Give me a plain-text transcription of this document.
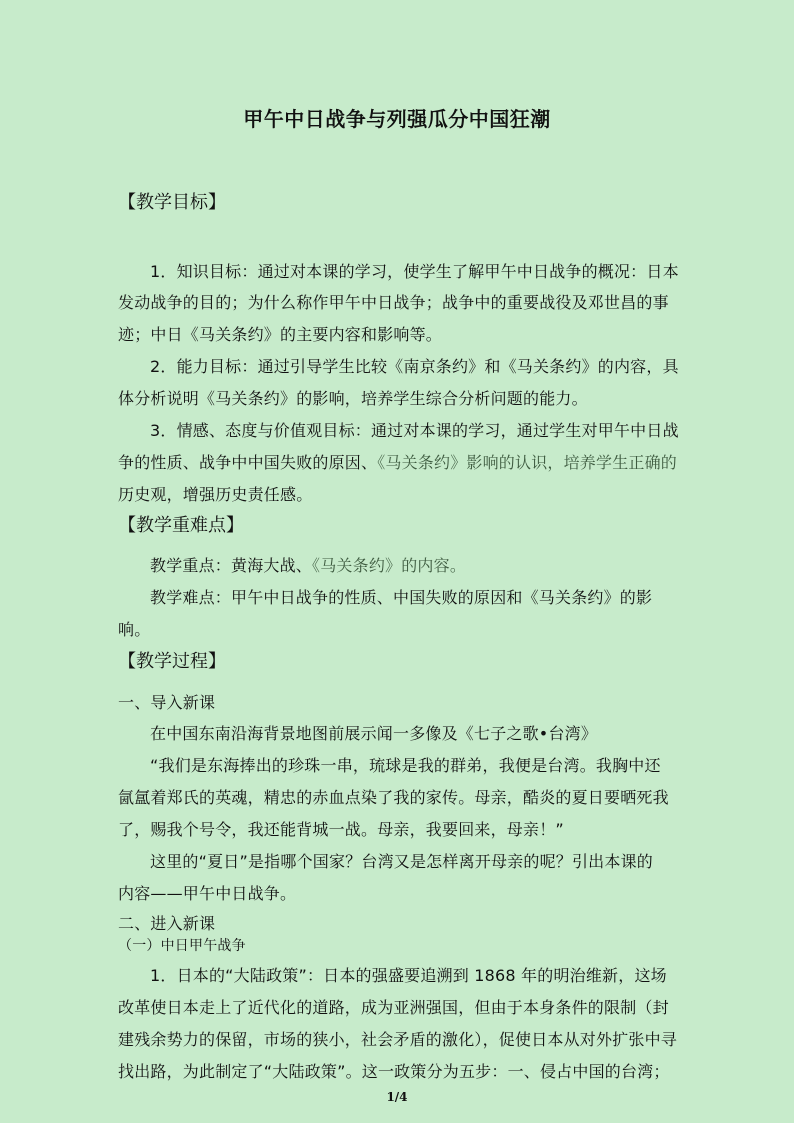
甲午中日战争与列强瓜分中国狂潮
【教学目标】
1．知识目标：通过对本课的学习，使学生了解甲午中日战争的概况：日本
发动战争的目的；为什么称作甲午中日战争；战争中的重要战役及邓世昌的事
迹；中日《马关条约》的主要内容和影响等。
2．能力目标：通过引导学生比较《南京条约》和《马关条约》的内容，具
体分析说明《马关条约》的影响，培养学生综合分析问题的能力。
3．情感、态度与价值观目标：通过对本课的学习，通过学生对甲午中日战
争的性质、战争中中国失败的原因、《马关条约》影响的认识，培养学生正确的
历史观，增强历史责任感。
【教学重难点】
教学重点：黄海大战、《马关条约》的内容。
教学难点：甲午中日战争的性质、中国失败的原因和《马关条约》的影
响。
【教学过程】
一、导入新课
在中国东南沿海背景地图前展示闻一多像及《七子之歌•台湾》
“我们是东海捧出的珍珠一串，琉球是我的群弟，我便是台湾。我胸中还
氤氲着郑氏的英魂，精忠的赤血点染了我的家传。母亲，酷炎的夏日要晒死我
了，赐我个号令，我还能背城一战。母亲，我要回来，母亲！”
这里的“夏日”是指哪个国家？台湾又是怎样离开母亲的呢？引出本课的
内容——甲午中日战争。
二、进入新课
（一）中日甲午战争
1．日本的“大陆政策”：日本的强盛要追溯到 1868 年的明治维新，这场
改革使日本走上了近代化的道路，成为亚洲强国，但由于本身条件的限制（封
建残余势力的保留，市场的狭小，社会矛盾的激化），促使日本从对外扩张中寻
找出路，为此制定了“大陆政策”。这一政策分为五步：一、侵占中国的台湾；
1/4
